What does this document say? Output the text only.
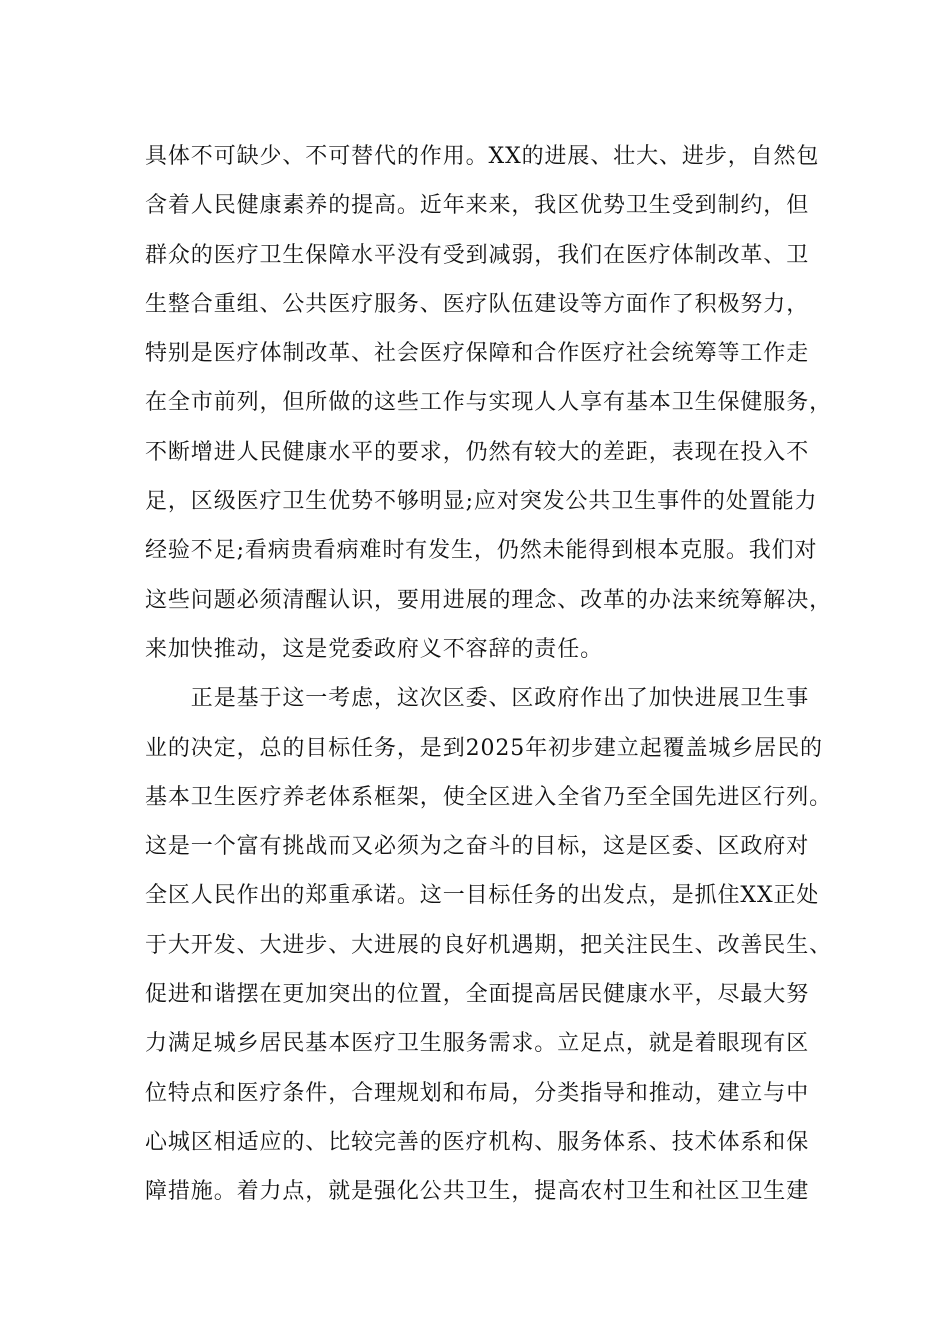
具体不可缺少、不可替代的作用。XX的进展、壮大、进步，自然包
含着人民健康素养的提高。近年来来，我区优势卫生受到制约，但
群众的医疗卫生保障水平没有受到减弱，我们在医疗体制改革、卫
生整合重组、公共医疗服务、医疗队伍建设等方面作了积极努力，
特别是医疗体制改革、社会医疗保障和合作医疗社会统筹等工作走
在全市前列，但所做的这些工作与实现人人享有基本卫生保健服务，
不断增进人民健康水平的要求，仍然有较大的差距，表现在投入不
足，区级医疗卫生优势不够明显;应对突发公共卫生事件的处置能力
经验不足;看病贵看病难时有发生，仍然未能得到根本克服。我们对
这些问题必须清醒认识，要用进展的理念、改革的办法来统筹解决，
来加快推动，这是党委政府义不容辞的责任。
　　正是基于这一考虑，这次区委、区政府作出了加快进展卫生事
业的决定，总的目标任务，是到2025年初步建立起覆盖城乡居民的
基本卫生医疗养老体系框架，使全区进入全省乃至全国先进区行列。
这是一个富有挑战而又必须为之奋斗的目标，这是区委、区政府对
全区人民作出的郑重承诺。这一目标任务的出发点，是抓住XX正处
于大开发、大进步、大进展的良好机遇期，把关注民生、改善民生、
促进和谐摆在更加突出的位置，全面提高居民健康水平，尽最大努
力满足城乡居民基本医疗卫生服务需求。立足点，就是着眼现有区
位特点和医疗条件，合理规划和布局，分类指导和推动，建立与中
心城区相适应的、比较完善的医疗机构、服务体系、技术体系和保
障措施。着力点，就是强化公共卫生，提高农村卫生和社区卫生建
